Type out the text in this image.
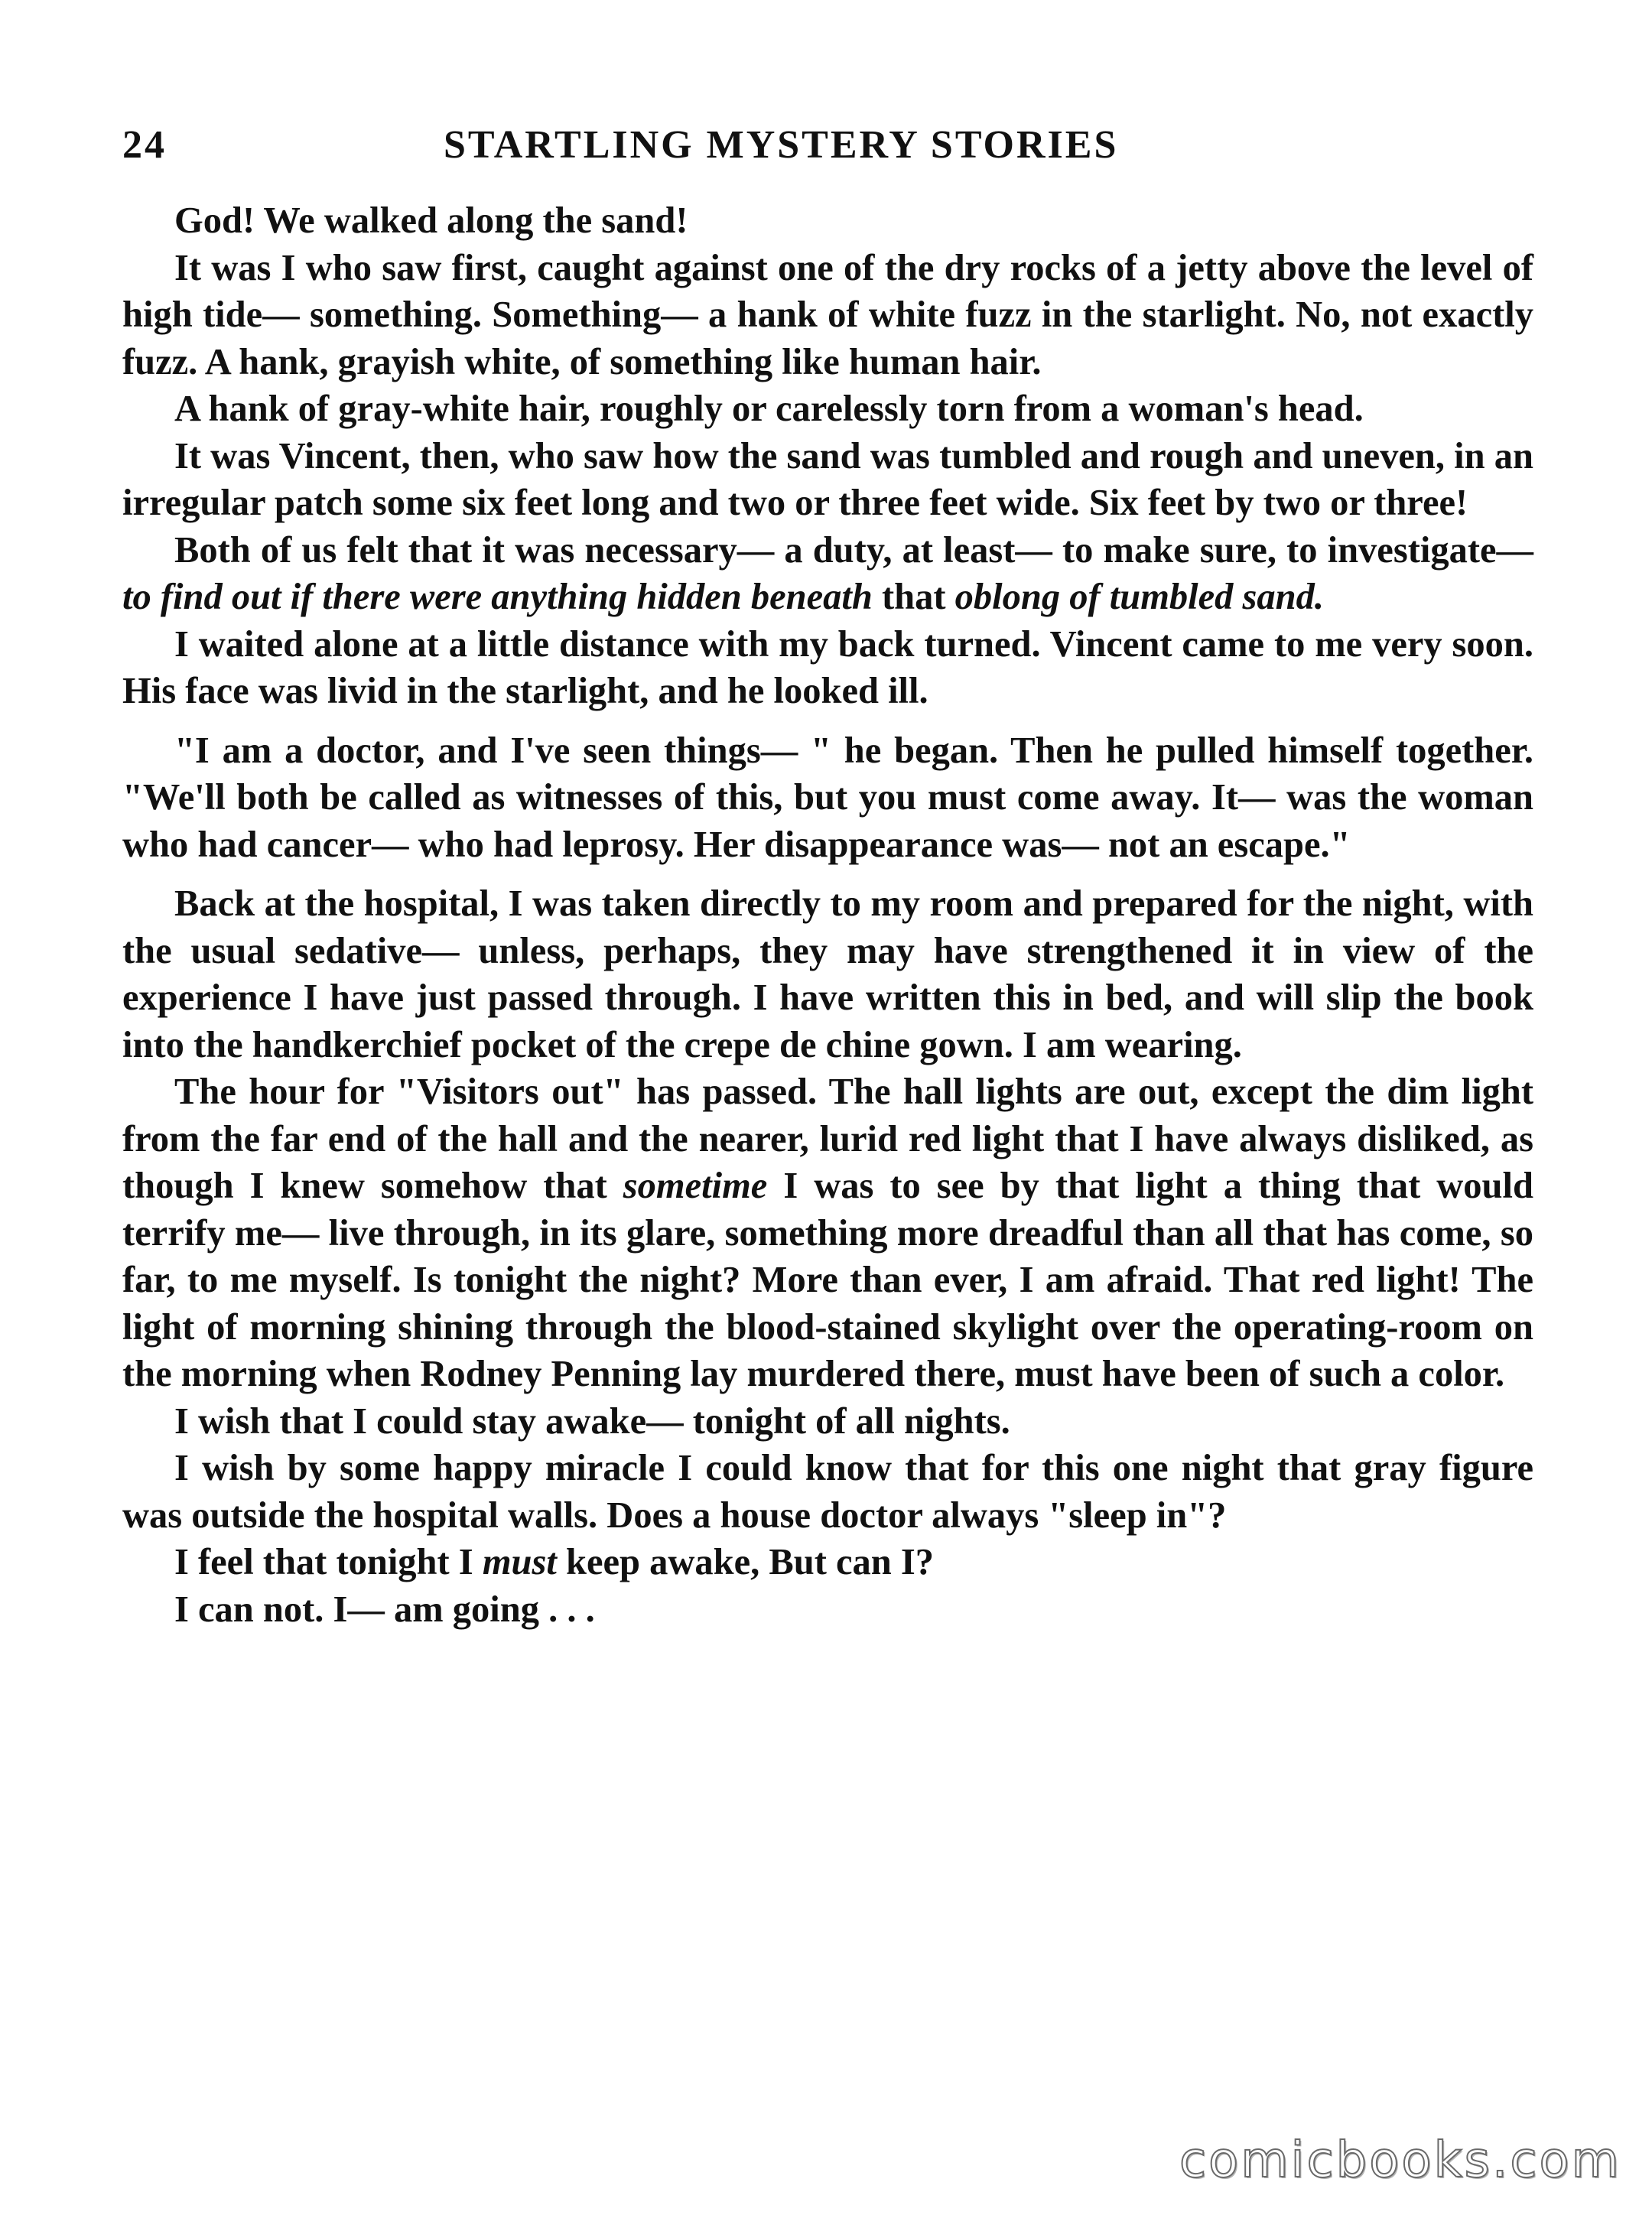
24	STARTLING MYSTERY STORIES

God! We walked along the sand!

It was I who saw first, caught against one of the dry rocks of a jetty above the level of high tide— something. Something— a hank of white fuzz in the starlight. No, not exactly fuzz. A hank, grayish white, of something like human hair.

A hank of gray-white hair, roughly or carelessly torn from a woman's head.

It was Vincent, then, who saw how the sand was tumbled and rough and uneven, in an irregular patch some six feet long and two or three feet wide. Six feet by two or three!

Both of us felt that it was necessary— a duty, at least— to make sure, to investigate— to find out if there were anything hidden beneath that oblong of tumbled sand.

I waited alone at a little distance with my back turned. Vincent came to me very soon. His face was livid in the starlight, and he looked ill.

"I am a doctor, and I've seen things— " he began. Then he pulled himself together. "We'll both be called as witnesses of this, but you must come away. It— was the woman who had cancer— who had leprosy. Her disappearance was— not an escape."

Back at the hospital, I was taken directly to my room and prepared for the night, with the usual sedative— unless, perhaps, they may have strengthened it in view of the experience I have just passed through. I have written this in bed, and will slip the book into the handkerchief pocket of the crepe de chine gown. I am wearing.

The hour for "Visitors out" has passed. The hall lights are out, except the dim light from the far end of the hall and the nearer, lurid red light that I have always disliked, as though I knew somehow that sometime I was to see by that light a thing that would terrify me— live through, in its glare, something more dreadful than all that has come, so far, to me myself. Is tonight the night? More than ever, I am afraid. That red light! The light of morning shining through the blood-stained skylight over the operating-room on the morning when Rodney Penning lay murdered there, must have been of such a color.

I wish that I could stay awake— tonight of all nights.

I wish by some happy miracle I could know that for this one night that gray figure was outside the hospital walls. Does a house doctor always "sleep in"?

I feel that tonight I must keep awake, But can I?

I can not. I— am going . . .

comicbooks.com
